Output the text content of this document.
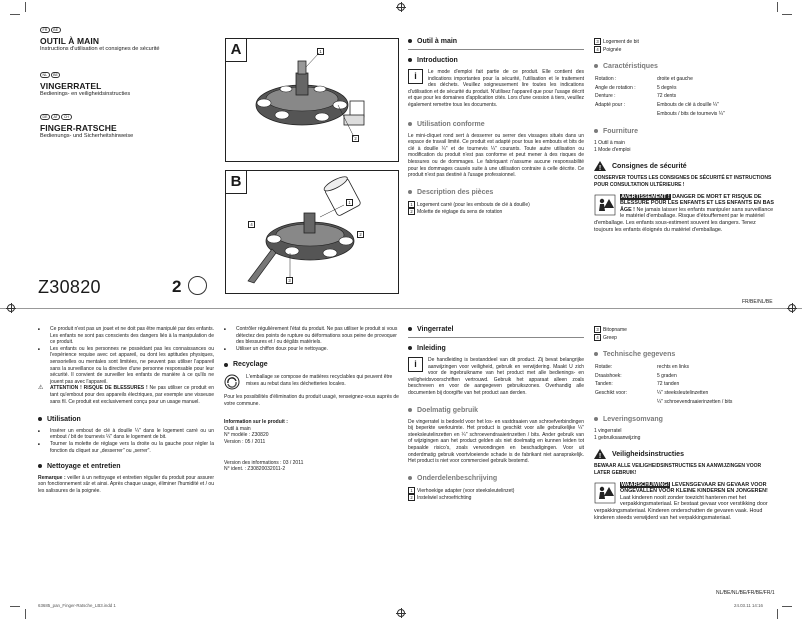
FR BE
OUTIL À MAIN
Instructions d'utilisation et consignes de sécurité
NL BE
VINGERRATEL
Bedienings- en veiligheidsinstructies
DE AT CH
FINGER-RATSCHE
Bedienungs- und Sicherheitshinweise
Z30820	2
A	1
2
B
1
4
3
2
Outil à main
Introduction
i	Le mode d'emploi fait partie de ce produit. Elle contient des indications importantes pour la sécurité, l'utilisation et le traitement des déchets. Veuillez soigneusement lire toutes les indications d'utilisation et de sécurité du produit. N'utilisez l'appareil que pour l'usage décrit et que pour les domaines d'application cités. Lors d'une cession à tiers, veuillez également remettre tous les documents.
Utilisation conforme
Le mini-cliquet rond sert à desserrer ou serrer des vissages situés dans un espace de travail limité. Ce produit est adapté pour tous les embouts et bits de clé à douille ¼" et de tournevis ¼" courants. Toute autre utilisation ou modification du produit n'est pas conforme et peut mener à des risques de blessures ou de dommages. Le fabriquant n'assume aucune responsabilité pour les dommages causés suite à une utilisation contraire à celle décrite. Ce produit n'est pas destiné à l'usage professionnel.
Description des pièces
1 Logement carré (pour les embouts de clé à douille)
2 Molette de réglage du sens de rotation
3 Logement de bit
4 Poignée
Caractéristiques
Rotation :	droite et gauche
Angle de rotation :	5 degrés
Denture :	72 dents
Adapté pour :	Embouts de clé à douille ¼"
	Embouts / bits de tournevis ¼"
Fourniture
1 Outil à main
1 Mode d'emploi
! Consignes de sécurité
CONSERVER TOUTES LES CONSIGNES DE SÉCURITÉ ET INSTRUCTIONS POUR CONSULTATION ULTÉRIEURE !
AVERTISSEMENT ! DANGER DE MORT ET RISQUE DE BLESSURE POUR LES ENFANTS ET LES ENFANTS EN BAS ÂGE ! Ne jamais laisser les enfants manipuler sans surveillance le matériel d'emballage. Risque d'étouffement par le matériel d'emballage. Les enfants sous-estiment souvent les dangers. Tenez toujours les enfants éloignés du matériel d'emballage.
FR/BE/NL/BE
■ Ce produit n'est pas un jouet et ne doit pas être manipulé par des enfants. Les enfants ne sont pas conscients des dangers liés à la manipulation de ce produit.
■ Les enfants ou les personnes ne possédant pas les connaissances ou l'expérience requise avec cet appareil, ou dont les aptitudes physiques, sensorielles ou mentales sont limitées, ne peuvent pas utiliser l'appareil sans la surveillance ou la directive d'une personne responsable pour leur sécurité. Il convient de surveiller les enfants de manière à ce qu'ils ne jouent pas avec l'appareil.
⚠ ATTENTION ! RISQUE DE BLESSURES ! Ne pas utiliser ce produit en tant qu'embout pour des appareils électriques, par exemple une visseuse sans fil. Ce produit est exclusivement conçu pour un usage manuel.
Utilisation
■ Insérer un embout de clé à douille ¼" dans le logement carré ou un embout / bit de tournevis ¼" dans le logement de bit.
■ Tourner la molette de réglage vers la droite ou la gauche pour régler la fonction du cliquet sur „desserrer" ou „serrer".
Nettoyage et entretien
Remarque : veiller à un nettoyage et entretien régulier du produit pour assurer son fonctionnement sûr et ainsi. Après chaque usage, éliminer l'humidité et / ou les salissures de la poignée.
■ Contrôler régulièrement l'état du produit. Ne pas utiliser le produit si vous détectez des points de rupture ou déformations sous peine de provoquer des blessures et / ou dégâts matériels.
■ Utiliser un chiffon doux pour le nettoyage.
Recyclage
L'emballage se compose de matières recyclables qui peuvent être mises au rebut dans les déchetteries locales.
Pour les possibilités d'élimination du produit usagé, renseignez-vous auprès de votre commune.
Information sur le produit :
Outil à main
N° modèle : Z30820
Version : 05 / 2011
Version des informations : 03 / 2011
N° ident. : Z30820032011-2
Vingerratel
Inleiding
i	De handleiding is bestanddeel van dit product. Zij bevat belangrijke aanwijzingen voor veiligheid, gebruik en verwijdering. Maakt U zich voor de ingebruikname van het product met alle bedienings- en veiligheidsvoorschriften vertrouwd. Gebruik het apparaat alleen zoals beschreven en voor de aangegeven gebruikszones. Overhandig alle documenten bij doorgifte van het product aan derden.
Doelmatig gebruik
De vingerratel is bedoeld voor het los- en vastdraaien van schroefverbindingen bij beperkte werkruimte. Het product is geschikt voor alle gebruikelijke ¼" steeksleutelinzetten en ¼" schroevendraaierinzetten / bits. Ander gebruik van of wijzigingen aan het product gelden als niet doelmatig en kunnen leiden tot bepaalde risico's, zoals verwondingen en beschadigingen. Voor uit onderdmatig gebruik voortvloeiende schade is de fabrikant niet aansprakelijk. Het product is niet voor commercieel gebruik bestemd.
Onderdelenbeschrijving
1 Vierhoekige adapter (voor steeksleutelinzet)
2 Instelwiel schroefrichting
3 Bitopname
4 Greep
Technische gegevens
Rotatie:	rechts en links
Draaishoek:	5 graden
Tanden:	72 tanden
Geschikt voor:	¼" steeksleutelinzetten
	¼" schroevendraaierinzetten / bits
Leveringsomvang
1 vingerratel
1 gebruiksaanwijzing
! Veiligheidsinstructies
BEWAAR ALLE VEILIGHEIDSINSTRUCTIES EN AANWIJZINGEN VOOR LATER GEBRUIK!
WAARSCHUWING! LEVENSGEVAAR EN GEVAAR VOOR ONGEVALLEN VOOR KLEINE KINDEREN EN JONGEREN! Laat kinderen nooit zonder toezicht hanteren met het verpakkingsmateriaal. Er bestaat gevaar voor verstikking door verpakkingsmateriaal. Kinderen onderschatten de gevaren vaak. Houd kinderen steeds verwijderd van het verpakkingsmateriaal.
NL/BE/NL/BE/FR/BE/FR/1
63685_pan_Finger-Ratsche_LB3.indd 1	24.03.11 14:16
